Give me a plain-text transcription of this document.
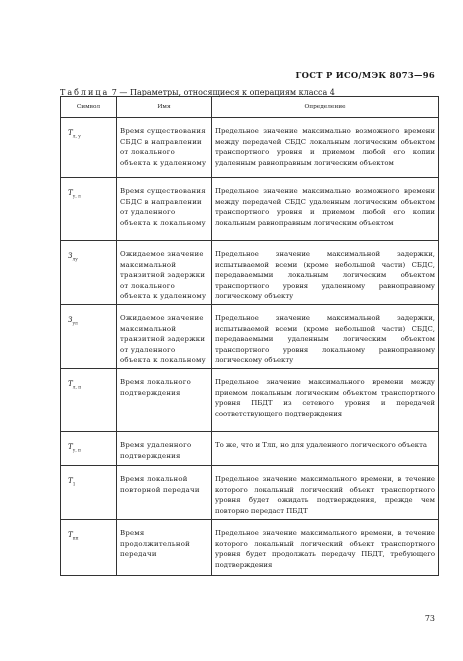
ГОСТ Р ИСО/МЭК 8073—96
Таблица 7 — Параметры, относящиеся к операциям класса 4
Символ	Имя	Определение
$T_{л, у}$	Время существования СБДС в направлении от локального объекта к удаленному	Предельное значение максимально возможного времени между передачей СБДС локальным логическим объектом транспортного уровня и приемом любой его копии удаленным равноправным логическим объектом
$T_{у, л}$	Время существования СБДС в направлении от удаленного объекта к локальному	Предельное значение максимально возможного времени между передачей СБДС удаленным логическим объектом транспортного уровня и приемом любой его копии локальным равноправным логическим объектом
$З_{лу}$	Ожидаемое значение максимальной транзитной задержки от локального объекта к удаленному	Предельное значение максимальной задержки, испытываемой всеми (кроме небольшой части) СБДС, передаваемыми локальным логическим объектом транспортного уровня удаленному равноправному логическому объекту
$З_{ул}$	Ожидаемое значение максимальной транзитной задержки от удаленного объекта к локальному	Предельное значение максимальной задержки, испытываемой всеми (кроме небольшой части) СБДС, передаваемыми удаленным логическим объектом транспортного уровня локальному равноправному логическому объекту
$T_{л, п}$	Время локального подтверждения	Предельное значение максимального времени между приемом локальным логическим объектом транспортного уровня ПБДТ из сетевого уровня и передачей соответствующего подтверждения
$T_{у, п}$	Время удаленного подтверждения	То же, что и Tлп, но для удаленного логического объекта
$T_1$	Время локальной повторной передачи	Предельное значение максимального времени, в течение которого локальный логический объект транспортного уровня будет ожидать подтверждения, прежде чем повторно передаст ПБДТ
$T_{пп}$	Время продолжительной передачи	Предельное значение максимального времени, в течение которого локальный логический объект транспортного уровня будет продолжать передачу ПБДТ, требующего подтверждения
73
